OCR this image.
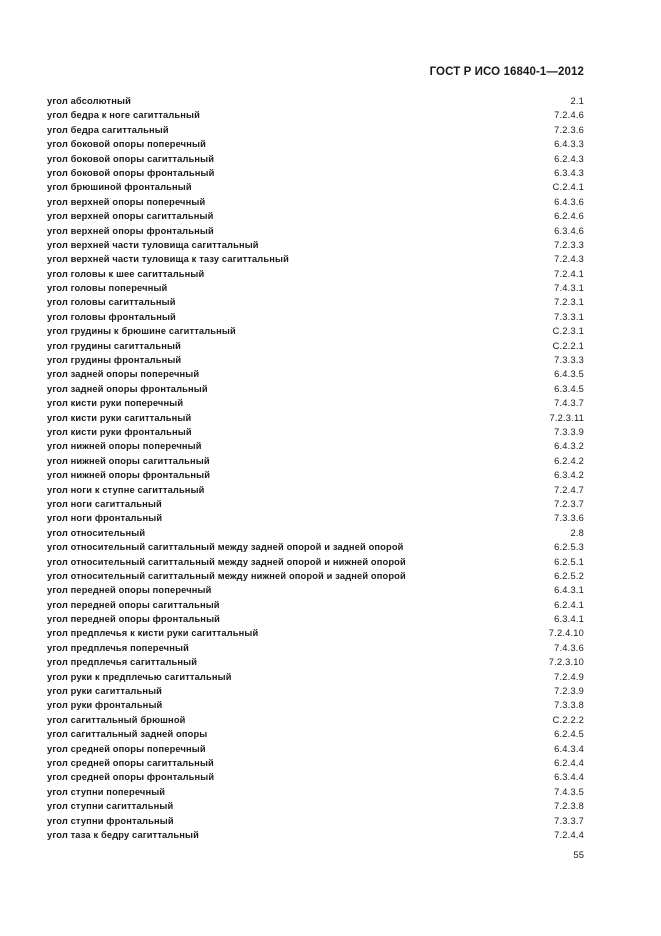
ГОСТ Р ИСО 16840-1—2012
угол абсолютный	2.1
угол бедра к ноге сагиттальный	7.2.4.6
угол бедра сагиттальный	7.2.3.6
угол боковой опоры поперечный	6.4.3.3
угол боковой опоры сагиттальный	6.2.4.3
угол боковой опоры фронтальный	6.3.4.3
угол брюшиной фронтальный	С.2.4.1
угол верхней опоры поперечный	6.4.3.6
угол верхней опоры сагиттальный	6.2.4.6
угол верхней опоры фронтальный	6.3.4.6
угол верхней части туловища сагиттальный	7.2.3.3
угол верхней части туловища к тазу сагиттальный	7.2.4.3
угол головы к шее сагиттальный	7.2.4.1
угол головы поперечный	7.4.3.1
угол головы сагиттальный	7.2.3.1
угол головы фронтальный	7.3.3.1
угол грудины к брюшине сагиттальный	С.2.3.1
угол грудины сагиттальный	С.2.2.1
угол грудины фронтальный	7.3.3.3
угол задней опоры поперечный	6.4.3.5
угол задней опоры фронтальный	6.3.4.5
угол кисти руки поперечный	7.4.3.7
угол кисти руки сагиттальный	7.2.3.11
угол кисти руки фронтальный	7.3.3.9
угол нижней опоры поперечный	6.4.3.2
угол нижней опоры сагиттальный	6.2.4.2
угол нижней опоры фронтальный	6.3.4.2
угол ноги к ступне сагиттальный	7.2.4.7
угол ноги сагиттальный	7.2.3.7
угол ноги фронтальный	7.3.3.6
угол относительный	2.8
угол относительный сагиттальный между задней опорой и задней опорой	6.2.5.3
угол относительный сагиттальный между задней опорой и нижней опорой	6.2.5.1
угол относительный сагиттальный между нижней опорой и задней опорой	6.2.5.2
угол передней опоры поперечный	6.4.3.1
угол передней опоры сагиттальный	6.2.4.1
угол передней опоры фронтальный	6.3.4.1
угол предплечья к кисти руки сагиттальный	7.2.4.10
угол предплечья поперечный	7.4.3.6
угол предплечья сагиттальный	7.2.3.10
угол руки к предплечью сагиттальный	7.2.4.9
угол руки сагиттальный	7.2.3.9
угол руки фронтальный	7.3.3.8
угол сагиттальный брюшной	С.2.2.2
угол сагиттальный задней опоры	6.2.4.5
угол средней опоры поперечный	6.4.3.4
угол средней опоры сагиттальный	6.2.4.4
угол средней опоры фронтальный	6.3.4.4
угол ступни поперечный	7.4.3.5
угол ступни сагиттальный	7.2.3.8
угол ступни фронтальный	7.3.3.7
угол таза к бедру сагиттальный	7.2.4.4
55
